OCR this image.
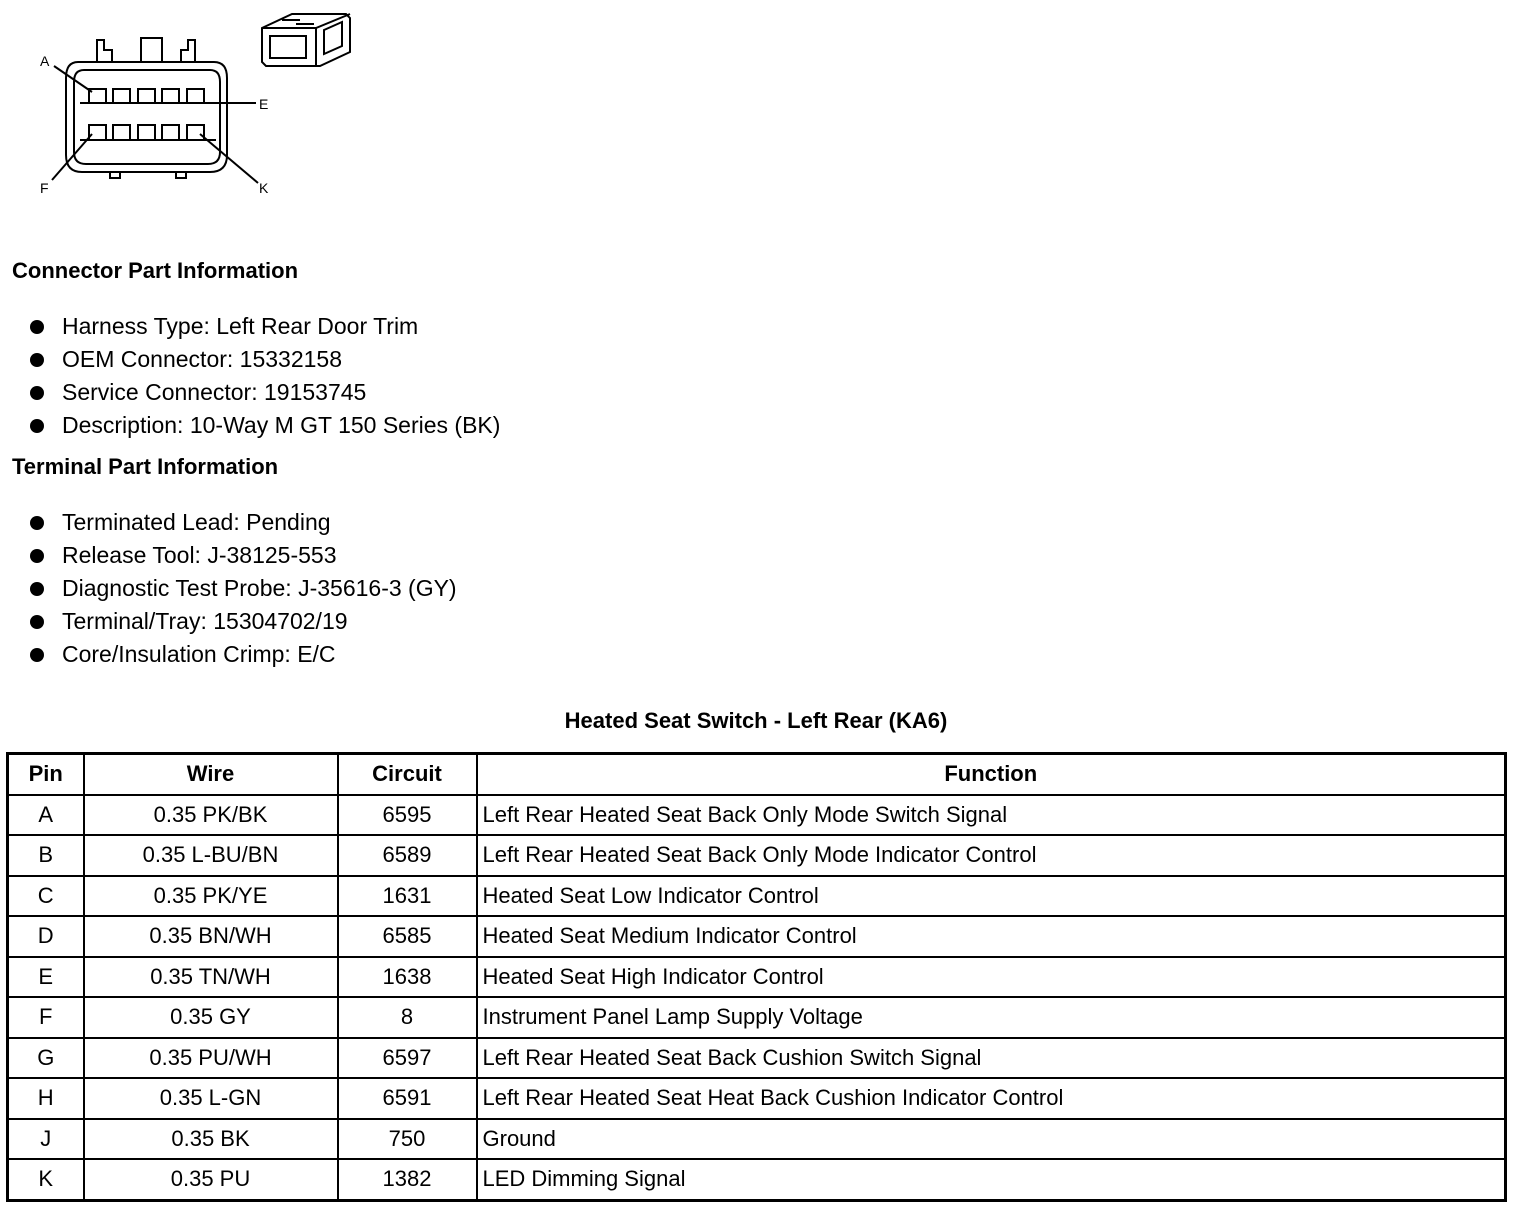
A
E
F	K
Connector Part Information
Harness Type: Left Rear Door Trim
OEM Connector: 15332158
Service Connector: 19153745
Description: 10-Way M GT 150 Series (BK)
Terminal Part Information
Terminated Lead: Pending
Release Tool: J-38125-553
Diagnostic Test Probe: J-35616-3 (GY)
Terminal/Tray: 15304702/19
Core/Insulation Crimp: E/C
Heated Seat Switch - Left Rear (KA6)
Pin	Wire	Circuit	Function
A	0.35 PK/BK	6595	Left Rear Heated Seat Back Only Mode Switch Signal
B	0.35 L-BU/BN	6589	Left Rear Heated Seat Back Only Mode Indicator Control
C	0.35 PK/YE	1631	Heated Seat Low Indicator Control
D	0.35 BN/WH	6585	Heated Seat Medium Indicator Control
E	0.35 TN/WH	1638	Heated Seat High Indicator Control
F	0.35 GY	8	Instrument Panel Lamp Supply Voltage
G	0.35 PU/WH	6597	Left Rear Heated Seat Back Cushion Switch Signal
H	0.35 L-GN	6591	Left Rear Heated Seat Heat Back Cushion Indicator Control
J	0.35 BK	750	Ground
K	0.35 PU	1382	LED Dimming Signal
